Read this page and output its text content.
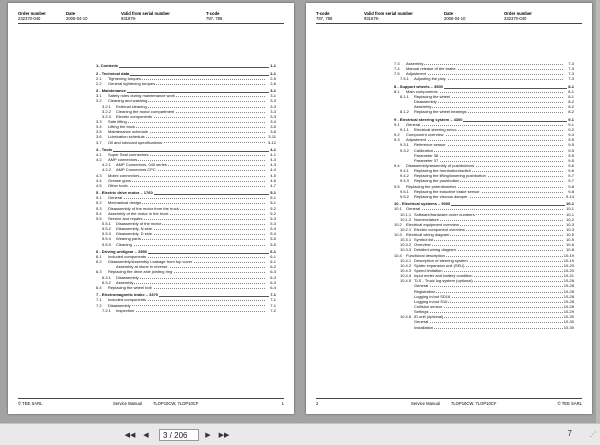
Order number	Date	Valid from serial number	T-code
232370-040	2006-04-10	931876-	787, 788
1- Contents	1-1
2 - Technical data	2-1
2.1 Tightening torques	2-5
2.2 General tightening torques	2-6
3 - Maintenance	3-1
3.1 Safety rules during maintenance work	3-1
3.2 Cleaning and washing	3-3
3.2.1 External cleaning	3-3
3.2.2 Cleaning the motor compartment	3-3
3.2.3 Electric components	3-3
3.3 Safe lifting	3-4
3.4 Lifting the truck	3-5
3.5 Maintenance schedule	3-6
3.6 Lubrication schedule	3-11
3.7 Oil and lubricant specifications	3-12
4 - Tools	4-1
4.1 Super Seal connectors	4-1
4.2 AMP connectors	4-3
4.2.1 AMP Connectors, 040 series	4-3
4.2.2 AMP Connectors CPC	4-4
4.3 Molex connectors	4-5
4.4 Grease guns	4-6
4.5 Other tools	4-7
5 - Electric drive motor – 1760	5-1
5.1 General	5-1
5.2 Mechanical design	5-1
5.3 Disassembly of the motor from the truck	5-2
5.4 Assembly of the motor in the truck	5-2
5.5 Service and repairs	5-3
5.5.1 Disassembly of the motor	5-3
5.5.2 Disassembly, N side	5-4
5.5.3 Disassembly, D side	5-4
5.5.4 Wearing parts	5-5
5.5.5 Cleaning	5-5
6 - Driving unit/gear – 2550	6-1
6.1 Included components	6-1
6.2 Disassembly/Assembly Leakage from top cover	6-1
Assembly at stone in reverse.	6-2
6.3 Replacing the drive axle jointing ring	6-3
6.3.1 Disassembly	6-3
6.3.2 Assembly	6-3
6.4 Replacing the wheel bolt	6-4
7 - Electromagnetic brake – 3370	7-1
7.1 Included components	7-1
7.2 Disassembly	7-1
7.2.1 Inspection	7-2
© TEE SARL	Service Manual	7LOP10CW, 7LOP10CF	1
T-code	Valid from serial number	Date	Order number
787, 788	931876-	2006-04-10	232370-040
7.3 Assembly	7-3
7.4 Manual release of the brake	7-3
7.5 Adjustment	7-3
7.5.1 Adjusting the play	7-3
8 - Support wheels – 3500	8-1
8.1 Main components	8-1
8.1.1 Replacing the wheel	8-1
Disassembly	8-2
Assembly	8-2
8.1.2 Replacing the wheel bearings	8-2
9 - Electrical steering system – 4300	9-1
9.1 General	9-1
9.1.1 Electrical steering servo	9-2
9.2 Component overview	9-4
9.3 Adjustment	9-5
9.3.1 Reference sensor	9-5
9.3.2 Calibration	9-5
Parameter 36	9-5
Parameter 37	9-5
9.4 Disassembly/assembly of pushbuttons	9-6
9.4.1 Replacing the hornbutton/switch	9-6
9.4.2 Replacing the lifting/lowering pushbutton	9-7
9.4.3 Replacing the pushbutton	9-7
9.5 Replacing the potentiometer	9-8
9.5.1 Replacing the inductive brake sensor	9-8
9.5.2 Replacing the viscous damper	9-14
10 - Electrical systems – 5000	10-1
10.1 General	10-1
10.1.1 Software/hardware order numbers	10-1
10.1.2 Nomenclature	10-2
10.2 Electrical equipment overview	10-3
10.2.1 Electric component overview	10-3
10.3 Electrical wiring diagram	10-5
10.3.1 Symbol list	10-5
10.3.2 Overview	10-6
10.3.3 Detailed wiring diagram	10-8
10.4 Functional description	10-19
10.4.1 Description of steering system	10-19
10.4.2 Spider expansion unit (SEU)	10-20
10.4.3 Speed limitation	10-20
10.4.4 Input meter and battery condition	10-21
10.4.5 TLS - Truck log system (optional)	10-28
General	10-28
Registration	10-28
Logging in/out SD16	10-28
Logging in/out S16	10-28
Collision sensor	10-28
Settings	10-29
10.4.6 ID unit (optional)	10-30
General	10-30
Installation	10-30
2	Service Manual	7LOP10CW, 7LOP10CF	© TEE SARL
◀◀	◀
3 / 206	▶	▶▶	7	⋰
